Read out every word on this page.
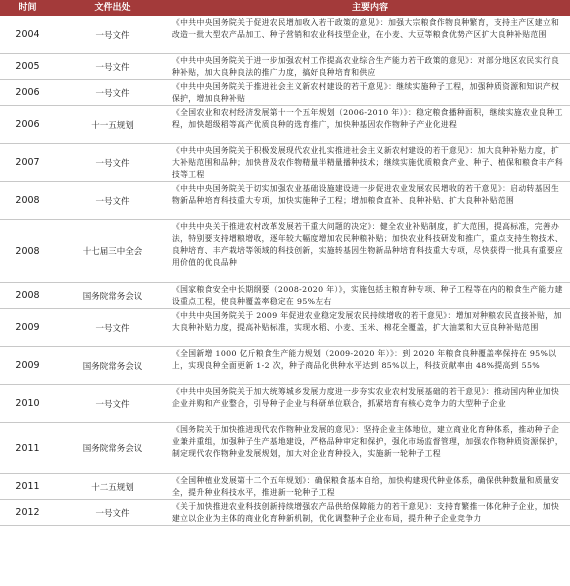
时间	文件出处	主要内容
2004	一号文件
《中共中央国务院关于促进农民增加收入若干政策的意见》：加强大宗粮食作物良种繁育，支持主产区建立和改造一批大型农产品加工、种子营销和农业科技型企业，在小麦、大豆等粮食优势产区扩大良种补贴范围
2005	一号文件
《中共中央国务院关于进一步加强农村工作提高农业综合生产能力若干政策的意见》：对部分地区农民实行良种补贴，加大良种良法的推广力度，搞好良种培育和供应
2006	一号文件
《中共中央国务院关于推进社会主义新农村建设的若干意见》：继续实施种子工程，加强种质资源和知识产权保护，增加良种补贴
2006	十一五规划
《全国农业和农村经济发展第十一个五年规划（2006-2010 年）》：稳定粮食播种面积，继续实施农业良种工程，加快超级稻等高产优质良种的选育推广，加快种基因农作物种子产业化进程
2007	一号文件
《中共中央国务院关于积极发展现代农业扎实推进社会主义新农村建设的若干意见》：加大良种补贴力度，扩大补贴范围和品种；加快普及农作物精量半精量播种技术；继续实施优质粮食产业、种子、植保和粮食丰产科技等工程
2008	一号文件
《中共中央国务院关于切实加强农业基础设施建设进一步促进农业发展农民增收的若干意见》：启动转基因生物新品种培育科技重大专项，加快实施种子工程；增加粮食直补、良种补贴、扩大良种补贴范围
2008	十七届三中全会
《中共中央关于推进农村改革发展若干重大问题的决定》：健全农业补贴制度，扩大范围，提高标准，完善办法，特别要支持增粮增收，逐年较大幅度增加农民种粮补贴；加快农业科技研发和推广，重点支持生物技术、良种培育、丰产栽培等领域的科技创新，实施转基因生物新品种培育科技重大专项，尽快获得一批具有重要应用价值的优良品种
2008	国务院常务会议
《国家粮食安全中长期纲要（2008-2020 年）》，实施包括主粮育种专项、种子工程等在内的粮食生产能力建设重点工程，使良种覆盖率稳定在 95%左右
2009	一号文件
《中共中央国务院关于 2009 年促进农业稳定发展农民持续增收的若干意见》：增加对种粮农民直接补贴，加大良种补贴力度，提高补贴标准，实现水稻、小麦、玉米、棉花全覆盖，扩大油菜和大豆良种补贴范围
2009	国务院常务会议
《全国新增 1000 亿斤粮食生产能力规划（2009-2020 年）》：到 2020 年粮食良种覆盖率保持在 95%以上，实现良种全面更新 1-2 次，种子商品化供种水平达到 85%以上，科技贡献率由 48%提高到 55%
2010	一号文件
《中共中央国务院关于加大统筹城乡发展力度进一步夯实农业农村发展基础的若干意见》：推动国内种业加快企业并购和产业整合，引导种子企业与科研单位联合，抓紧培育有核心竞争力的大型种子企业
2011	国务院常务会议
《国务院关于加快推进现代农作物种业发展的意见》：坚持企业主体地位，建立商业化育种体系，推动种子企业兼并重组，加强种子生产基地建设，严格品种审定和保护，强化市场监督管理，加强农作物种质资源保护，制定现代农作物种业发展规划，加大对企业育种投入，实施新一轮种子工程
2011	十二五规划
《全国种植业发展第十二个五年规划》：确保粮食基本自给，加快构建现代种业体系，确保供种数量和质量安全，提升种业科技水平，推进新一轮种子工程
2012	一号文件
《关于加快推进农业科技创新持续增强农产品供给保障能力的若干意见》：支持育繁推一体化种子企业，加快建立以企业为主体的商业化育种新机制，优化调整种子企业布局，提升种子企业竞争力
